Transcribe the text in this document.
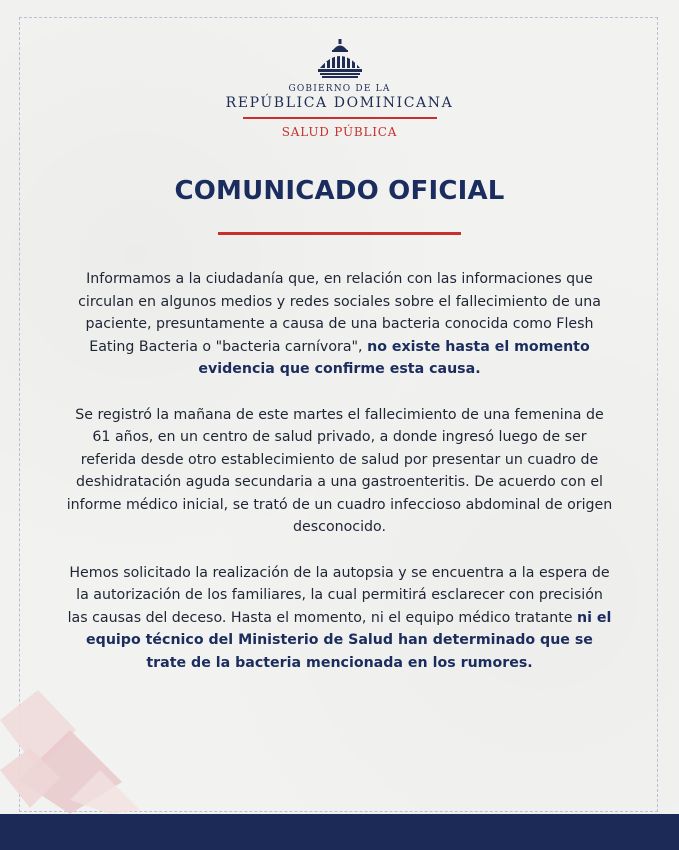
GOBIERNO DE LA
REPÚBLICA DOMINICANA
SALUD PÚBLICA
COMUNICADO OFICIAL

Informamos a la ciudadanía que, en relación con las informaciones que circulan en algunos medios y redes sociales sobre el fallecimiento de una paciente, presuntamente a causa de una bacteria conocida como Flesh Eating Bacteria o "bacteria carnívora", no existe hasta el momento evidencia que confirme esta causa.

Se registró la mañana de este martes el fallecimiento de una femenina de 61 años, en un centro de salud privado, a donde ingresó luego de ser referida desde otro establecimiento de salud por presentar un cuadro de deshidratación aguda secundaria a una gastroenteritis. De acuerdo con el informe médico inicial, se trató de un cuadro infeccioso abdominal de origen desconocido.

Hemos solicitado la realización de la autopsia y se encuentra a la espera de la autorización de los familiares, la cual permitirá esclarecer con precisión las causas del deceso. Hasta el momento, ni el equipo médico tratante ni el equipo técnico del Ministerio de Salud han determinado que se trate de la bacteria mencionada en los rumores.
